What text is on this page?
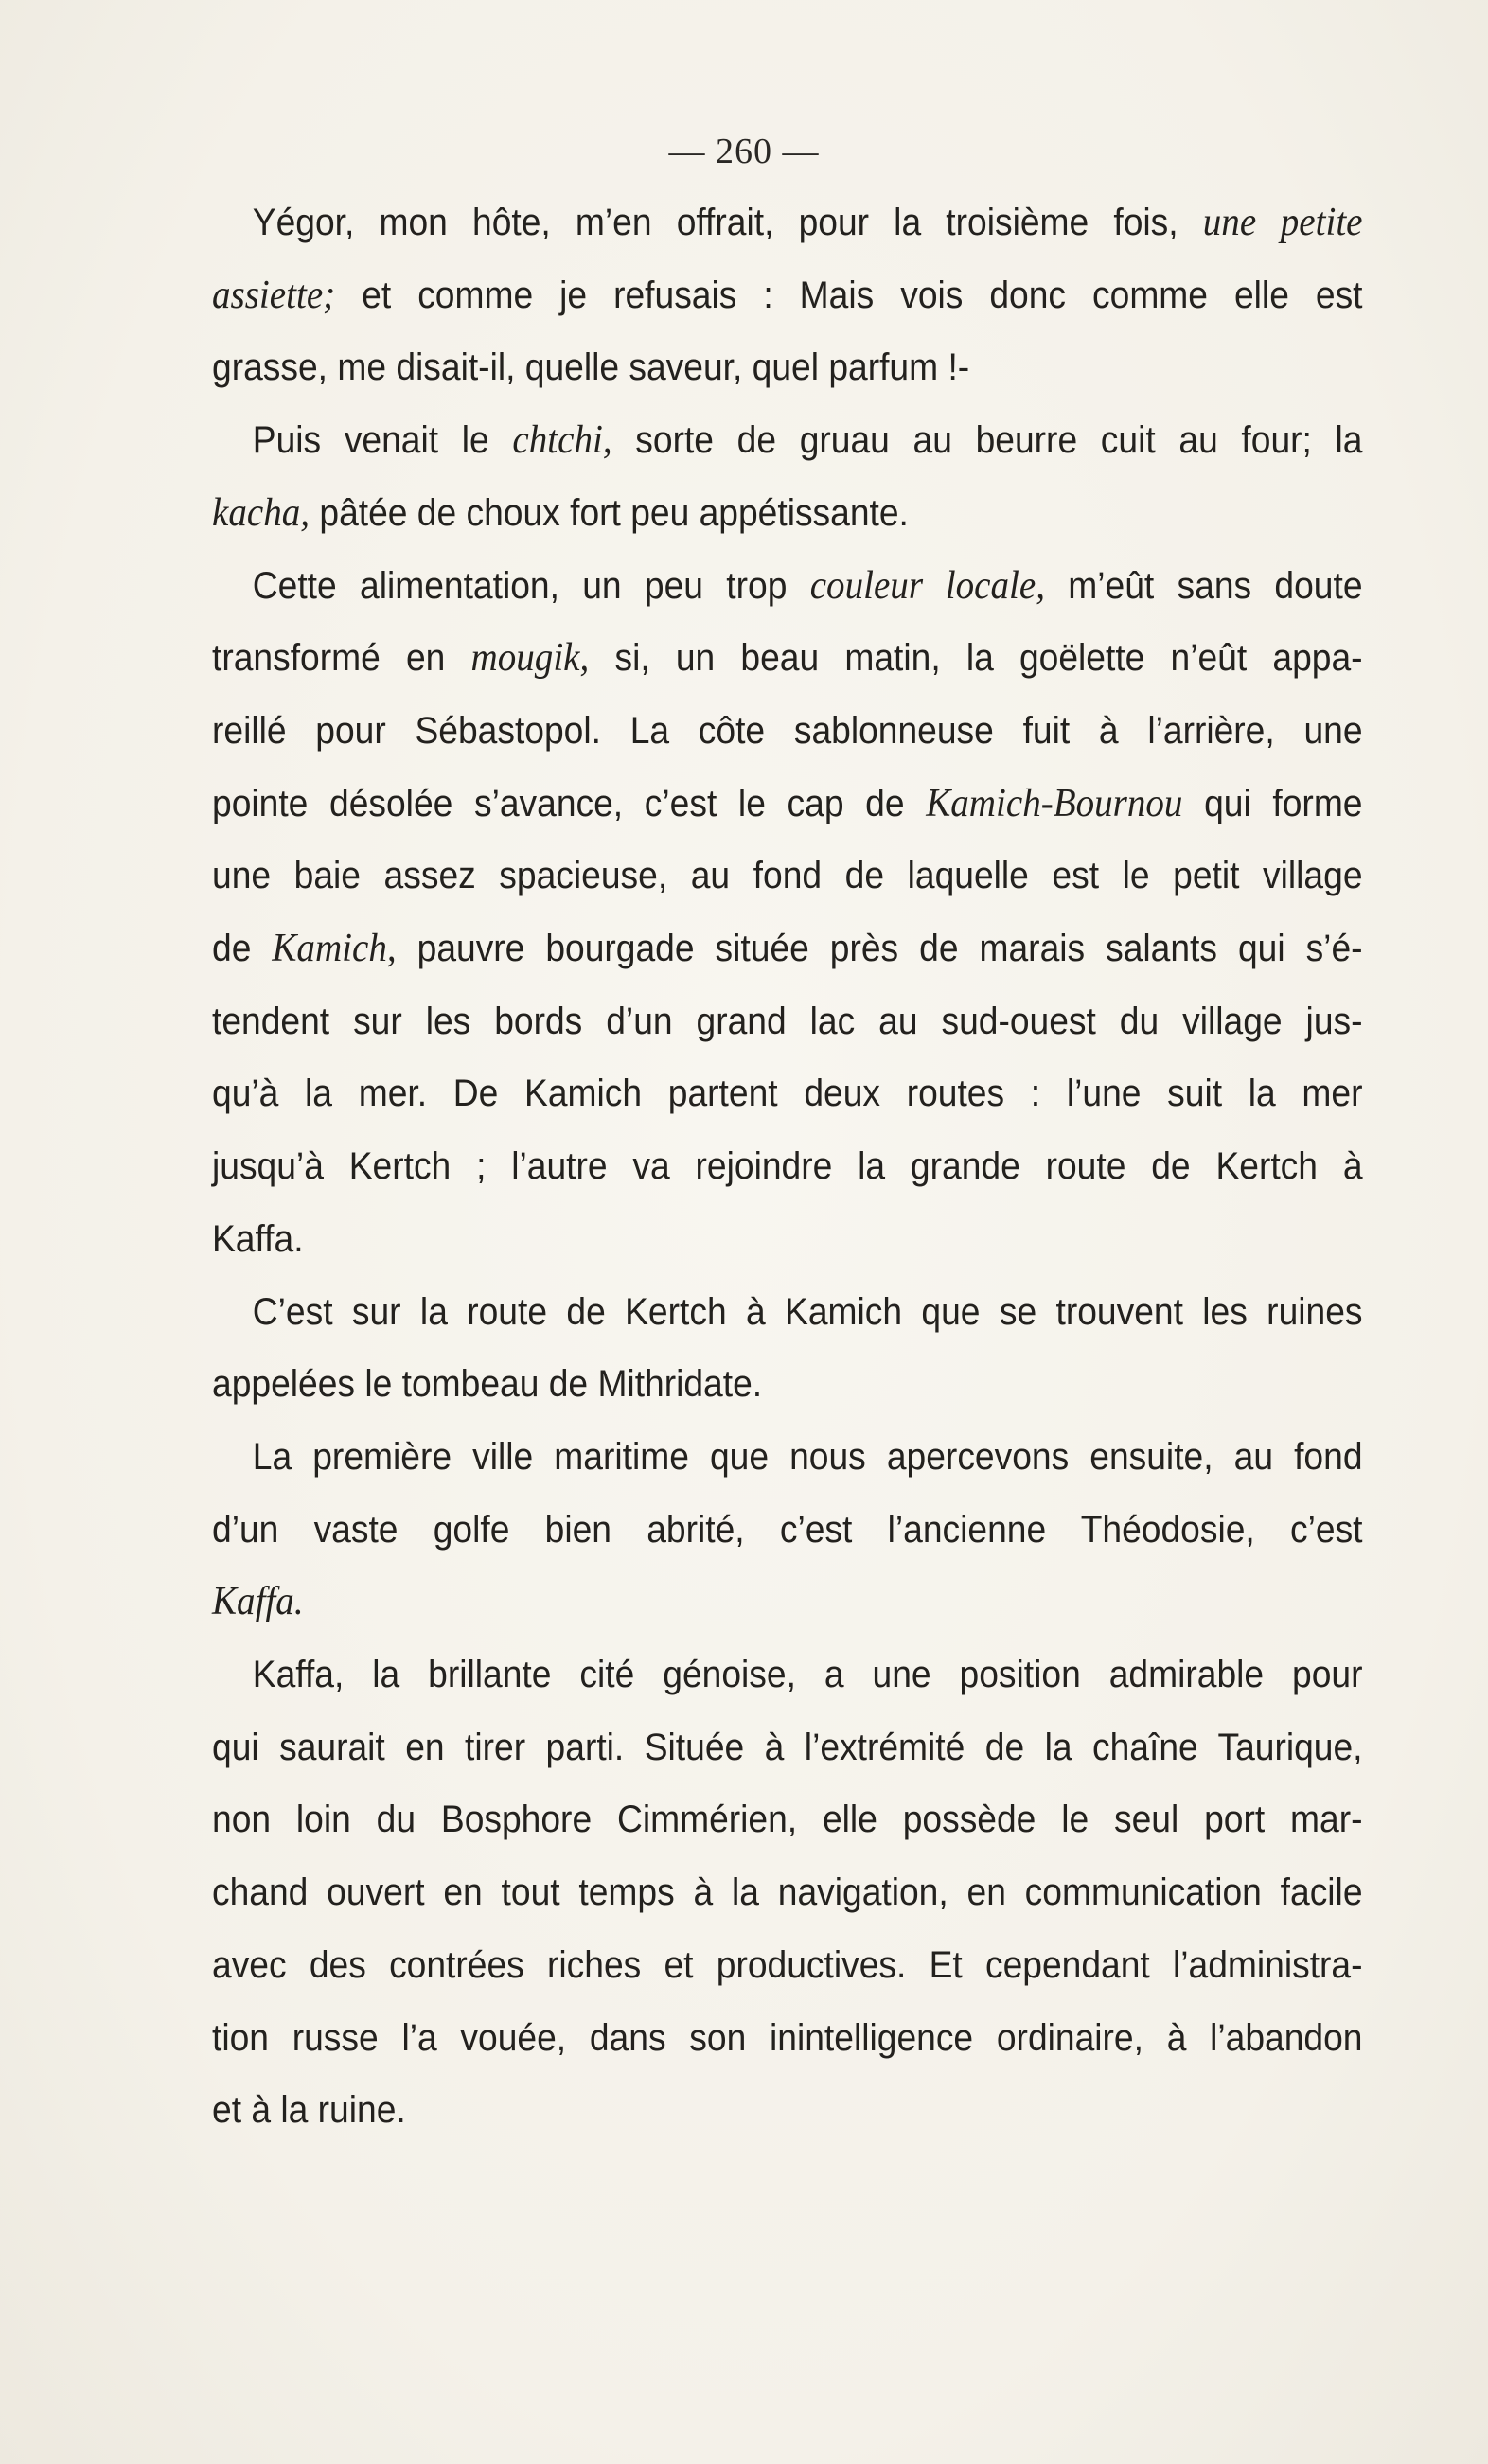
— 260 —
Yégor, mon hôte, m’en offrait, pour la troisième fois, une petite
assiette; et comme je refusais : Mais vois donc comme elle est
grasse, me disait-il, quelle saveur, quel parfum !-
Puis venait le chtchi, sorte de gruau au beurre cuit au four; la
kacha, pâtée de choux fort peu appétissante.
Cette alimentation, un peu trop couleur locale, m’eût sans doute
transformé en mougik, si, un beau matin, la goëlette n’eût appa-
reillé pour Sébastopol. La côte sablonneuse fuit à l’arrière, une
pointe désolée s’avance, c’est le cap de Kamich-Bournou qui forme
une baie assez spacieuse, au fond de laquelle est le petit village
de Kamich, pauvre bourgade située près de marais salants qui s’é-
tendent sur les bords d’un grand lac au sud-ouest du village jus-
qu’à la mer. De Kamich partent deux routes : l’une suit la mer
jusqu’à Kertch ; l’autre va rejoindre la grande route de Kertch à
Kaffa.
C’est sur la route de Kertch à Kamich que se trouvent les ruines
appelées le tombeau de Mithridate.
La première ville maritime que nous apercevons ensuite, au fond
d’un vaste golfe bien abrité, c’est l’ancienne Théodosie, c’est
Kaffa.
Kaffa, la brillante cité génoise, a une position admirable pour
qui saurait en tirer parti. Située à l’extrémité de la chaîne Taurique,
non loin du Bosphore Cimmérien, elle possède le seul port mar-
chand ouvert en tout temps à la navigation, en communication facile
avec des contrées riches et productives. Et cependant l’administra-
tion russe l’a vouée, dans son inintelligence ordinaire, à l’abandon
et à la ruine.
